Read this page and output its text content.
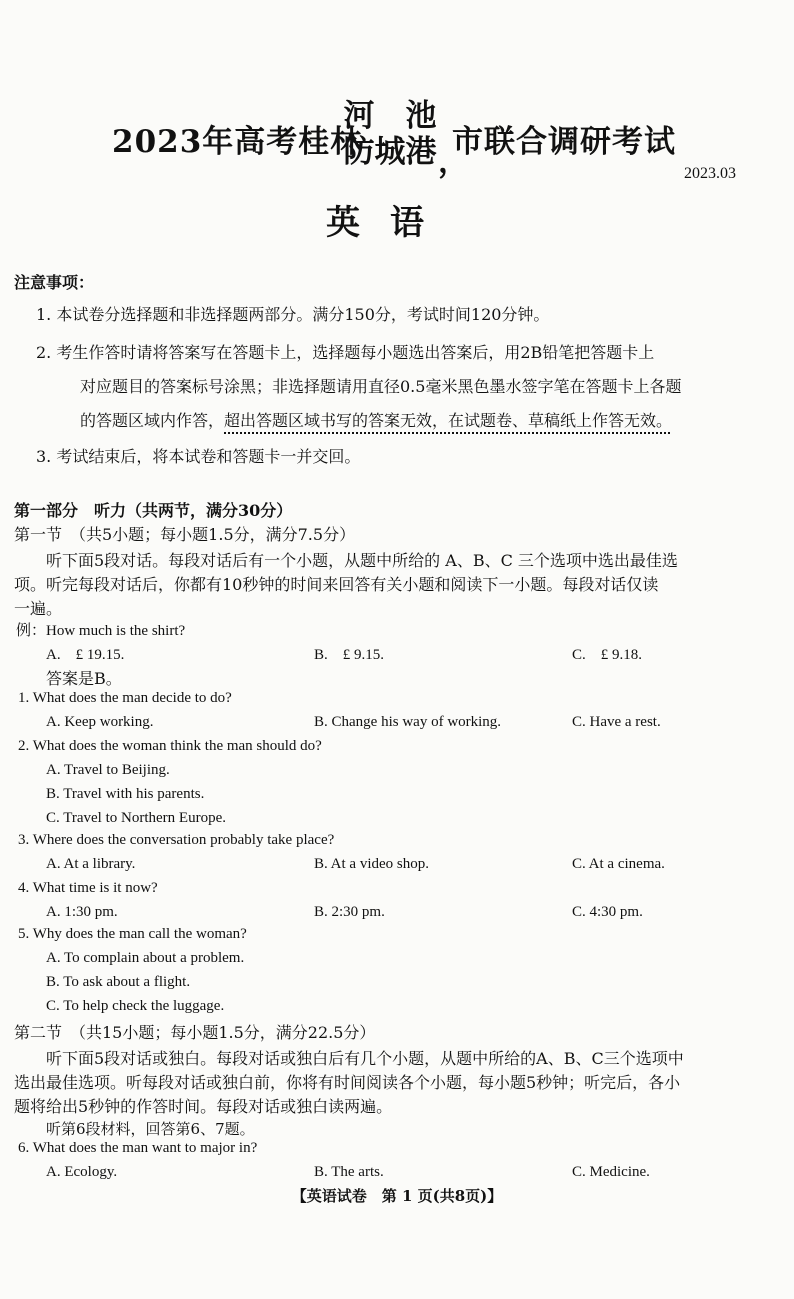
2023年高考桂林
河　池
防城港 ，
市联合调研考试
2023.03
英语
注意事项：
1. 本试卷分选择题和非选择题两部分。满分150分，考试时间120分钟。
2. 考生作答时请将答案写在答题卡上，选择题每小题选出答案后，用2B铅笔把答题卡上
对应题目的答案标号涂黑；非选择题请用直径0.5毫米黑色墨水签字笔在答题卡上各题
的答题区域内作答，超出答题区域书写的答案无效，在试题卷、草稿纸上作答无效。
3. 考试结束后，将本试卷和答题卡一并交回。
第一部分　听力（共两节，满分30分）
第一节　（共5小题；每小题1.5分，满分7.5分）
听下面5段对话。每段对话后有一个小题，从题中所给的 A、B、C 三个选项中选出最佳选
项。听完每段对话后，你都有10秒钟的时间来回答有关小题和阅读下一小题。每段对话仅读
一遍。
例：How much is the shirt?
A.　£ 19.15.	B.　£ 9.15.	C.　£ 9.18.
答案是B。
1. What does the man decide to do?
A. Keep working.	B. Change his way of working.	C. Have a rest.
2. What does the woman think the man should do?
A. Travel to Beijing.
B. Travel with his parents.
C. Travel to Northern Europe.
3. Where does the conversation probably take place?
A. At a library.	B. At a video shop.	C. At a cinema.
4. What time is it now?
A. 1:30 pm.	B. 2:30 pm.	C. 4:30 pm.
5. Why does the man call the woman?
A. To complain about a problem.
B. To ask about a flight.
C. To help check the luggage.
第二节　（共15小题；每小题1.5分，满分22.5分）
听下面5段对话或独白。每段对话或独白后有几个小题，从题中所给的A、B、C三个选项中
选出最佳选项。听每段对话或独白前，你将有时间阅读各个小题，每小题5秒钟；听完后，各小
题将给出5秒钟的作答时间。每段对话或独白读两遍。
听第6段材料，回答第6、7题。
6. What does the man want to major in?
A. Ecology.	B. The arts.	C. Medicine.
【英语试卷　第 1 页(共8页)】
